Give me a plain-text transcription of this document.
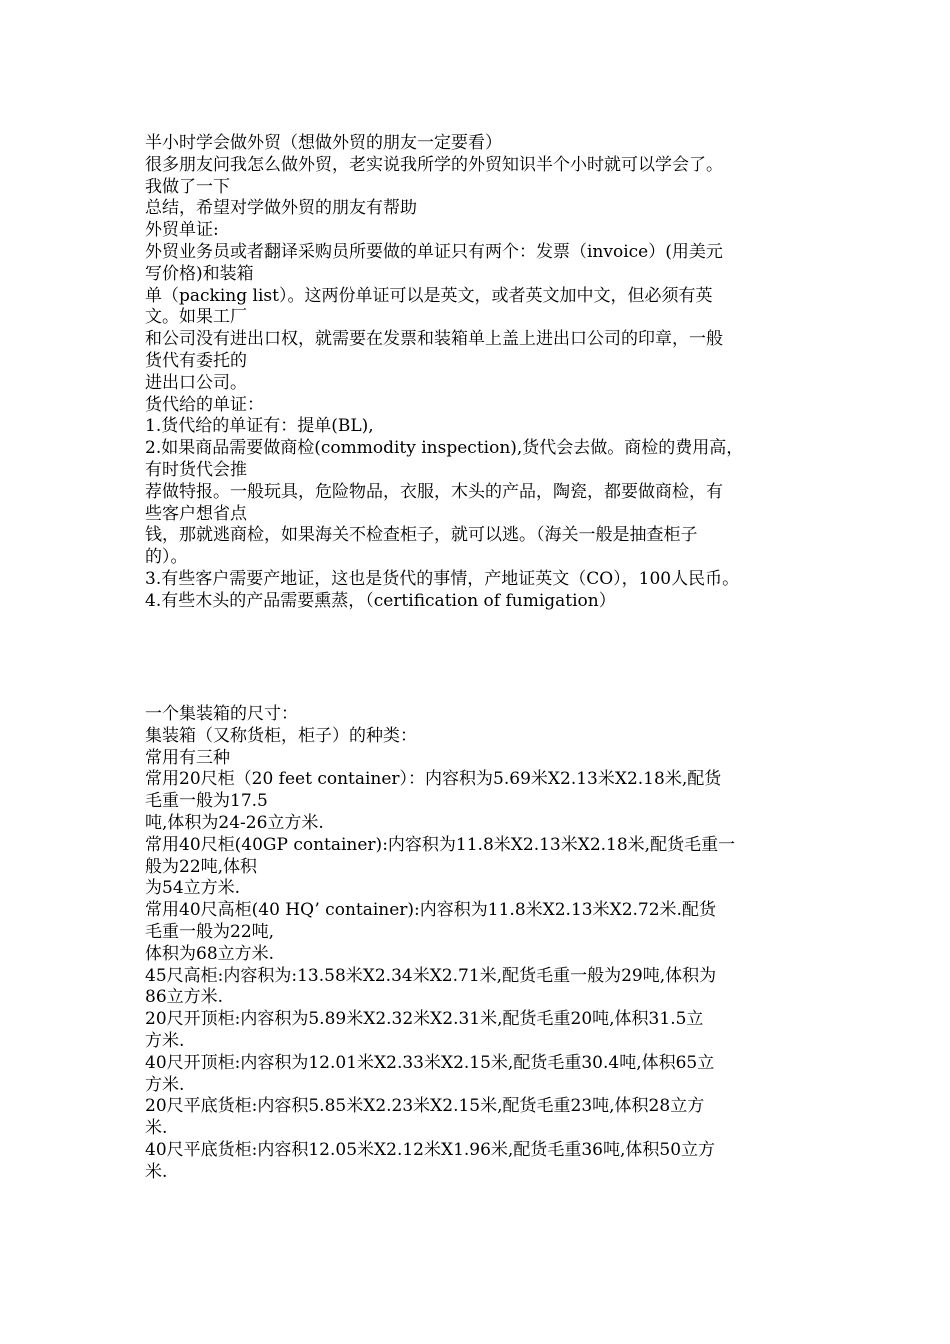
半小时学会做外贸（想做外贸的朋友一定要看）
很多朋友问我怎么做外贸，老实说我所学的外贸知识半个小时就可以学会了。
我做了一下
总结，希望对学做外贸的朋友有帮助
外贸单证:
外贸业务员或者翻译采购员所要做的单证只有两个：发票（invoice）(用美元
写价格)和装箱
单（packing list）。这两份单证可以是英文，或者英文加中文，但必须有英
文。如果工厂
和公司没有进出口权，就需要在发票和装箱单上盖上进出口公司的印章，一般
货代有委托的
进出口公司。
货代给的单证：
1.货代给的单证有：提单(BL),
2.如果商品需要做商检(commodity inspection),货代会去做。商检的费用高，
有时货代会推
荐做特报。一般玩具，危险物品，衣服，木头的产品，陶瓷，都要做商检，有
些客户想省点
钱，那就逃商检，如果海关不检查柜子，就可以逃。（海关一般是抽查柜子
的）。
3.有些客户需要产地证，这也是货代的事情，产地证英文（CO），100人民币。
4.有些木头的产品需要熏蒸，（certification of fumigation）
一个集装箱的尺寸：
集装箱（又称货柜，柜子）的种类：
常用有三种
常用20尺柜（20 feet container）：内容积为5.69米X2.13米X2.18米,配货
毛重一般为17.5
吨,体积为24-26立方米.
常用40尺柜(40GP container):内容积为11.8米X2.13米X2.18米,配货毛重一
般为22吨,体积
为54立方米.
常用40尺高柜(40 HQ’ container):内容积为11.8米X2.13米X2.72米.配货
毛重一般为22吨,
体积为68立方米.
45尺高柜:内容积为:13.58米X2.34米X2.71米,配货毛重一般为29吨,体积为
86立方米.
20尺开顶柜:内容积为5.89米X2.32米X2.31米,配货毛重20吨,体积31.5立
方米.
40尺开顶柜:内容积为12.01米X2.33米X2.15米,配货毛重30.4吨,体积65立
方米.
20尺平底货柜:内容积5.85米X2.23米X2.15米,配货毛重23吨,体积28立方
米.
40尺平底货柜:内容积12.05米X2.12米X1.96米,配货毛重36吨,体积50立方
米.
